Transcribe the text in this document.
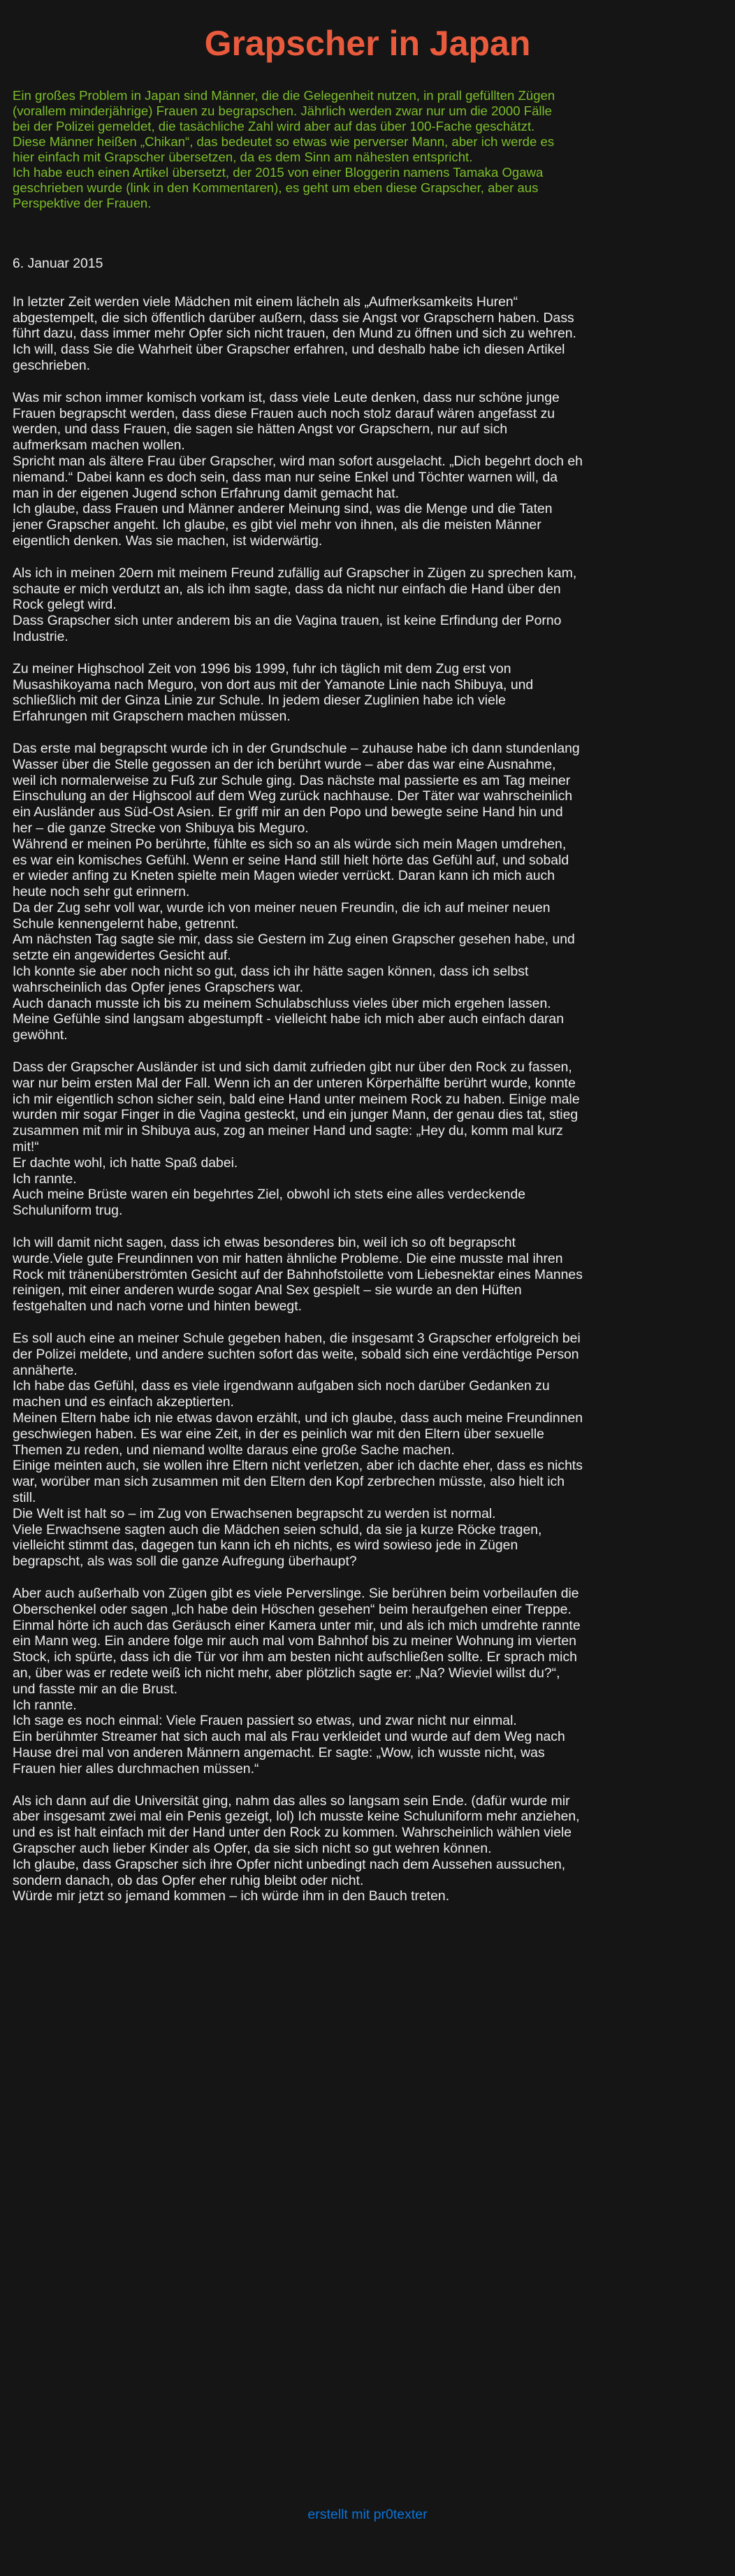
Grapscher in Japan
Ein großes Problem in Japan sind Männer, die die Gelegenheit nutzen, in prall gefüllten Zügen
(vorallem minderjährige) Frauen zu begrapschen. Jährlich werden zwar nur um die 2000 Fälle
bei der Polizei gemeldet, die tasächliche Zahl wird aber auf das über 100-Fache geschätzt.
Diese Männer heißen „Chikan“, das bedeutet so etwas wie perverser Mann, aber ich werde es
hier einfach mit Grapscher übersetzen, da es dem Sinn am nähesten entspricht.
Ich habe euch einen Artikel übersetzt, der 2015 von einer Bloggerin namens Tamaka Ogawa
geschrieben wurde (link in den Kommentaren), es geht um eben diese Grapscher, aber aus
Perspektive der Frauen.
6. Januar 2015
In letzter Zeit werden viele Mädchen mit einem lächeln als „Aufmerksamkeits Huren“
abgestempelt, die sich öffentlich darüber außern, dass sie Angst vor Grapschern haben. Dass
führt dazu, dass immer mehr Opfer sich nicht trauen, den Mund zu öffnen und sich zu wehren.
Ich will, dass Sie die Wahrheit über Grapscher erfahren, und deshalb habe ich diesen Artikel
geschrieben.
Was mir schon immer komisch vorkam ist, dass viele Leute denken, dass nur schöne junge
Frauen begrapscht werden, dass diese Frauen auch noch stolz darauf wären angefasst zu
werden, und dass Frauen, die sagen sie hätten Angst vor Grapschern, nur auf sich
aufmerksam machen wollen.
Spricht man als ältere Frau über Grapscher, wird man sofort ausgelacht. „Dich begehrt doch eh
niemand.“ Dabei kann es doch sein, dass man nur seine Enkel und Töchter warnen will, da
man in der eigenen Jugend schon Erfahrung damit gemacht hat.
Ich glaube, dass Frauen und Männer anderer Meinung sind, was die Menge und die Taten
jener Grapscher angeht. Ich glaube, es gibt viel mehr von ihnen, als die meisten Männer
eigentlich denken. Was sie machen, ist widerwärtig.
Als ich in meinen 20ern mit meinem Freund zufällig auf Grapscher in Zügen zu sprechen kam,
schaute er mich verdutzt an, als ich ihm sagte, dass da nicht nur einfach die Hand über den
Rock gelegt wird.
Dass Grapscher sich unter anderem bis an die Vagina trauen, ist keine Erfindung der Porno
Industrie.
Zu meiner Highschool Zeit von 1996 bis 1999, fuhr ich täglich mit dem Zug erst von
Musashikoyama nach Meguro, von dort aus mit der Yamanote Linie nach Shibuya, und
schließlich mit der Ginza Linie zur Schule. In jedem dieser Zuglinien habe ich viele
Erfahrungen mit Grapschern machen müssen.
Das erste mal begrapscht wurde ich in der Grundschule – zuhause habe ich dann stundenlang
Wasser über die Stelle gegossen an der ich berührt wurde – aber das war eine Ausnahme,
weil ich normalerweise zu Fuß zur Schule ging. Das nächste mal passierte es am Tag meiner
Einschulung an der Highscool auf dem Weg zurück nachhause. Der Täter war wahrscheinlich
ein Ausländer aus Süd-Ost Asien. Er griff mir an den Popo und bewegte seine Hand hin und
her – die ganze Strecke von Shibuya bis Meguro.
Während er meinen Po berührte, fühlte es sich so an als würde sich mein Magen umdrehen,
es war ein komisches Gefühl. Wenn er seine Hand still hielt hörte das Gefühl auf, und sobald
er wieder anfing zu Kneten spielte mein Magen wieder verrückt. Daran kann ich mich auch
heute noch sehr gut erinnern.
Da der Zug sehr voll war, wurde ich von meiner neuen Freundin, die ich auf meiner neuen
Schule kennengelernt habe, getrennt.
Am nächsten Tag sagte sie mir, dass sie Gestern im Zug einen Grapscher gesehen habe, und
setzte ein angewidertes Gesicht auf.
Ich konnte sie aber noch nicht so gut, dass ich ihr hätte sagen können, dass ich selbst
wahrscheinlich das Opfer jenes Grapschers war.
Auch danach musste ich bis zu meinem Schulabschluss vieles über mich ergehen lassen.
Meine Gefühle sind langsam abgestumpft - vielleicht habe ich mich aber auch einfach daran
gewöhnt.
Dass der Grapscher Ausländer ist und sich damit zufrieden gibt nur über den Rock zu fassen,
war nur beim ersten Mal der Fall. Wenn ich an der unteren Körperhälfte berührt wurde, konnte
ich mir eigentlich schon sicher sein, bald eine Hand unter meinem Rock zu haben. Einige male
wurden mir sogar Finger in die Vagina gesteckt, und ein junger Mann, der genau dies tat, stieg
zusammen mit mir in Shibuya aus, zog an meiner Hand und sagte: „Hey du, komm mal kurz
mit!“
Er dachte wohl, ich hatte Spaß dabei.
Ich rannte.
Auch meine Brüste waren ein begehrtes Ziel, obwohl ich stets eine alles verdeckende
Schuluniform trug.
Ich will damit nicht sagen, dass ich etwas besonderes bin, weil ich so oft begrapscht
wurde.Viele gute Freundinnen von mir hatten ähnliche Probleme. Die eine musste mal ihren
Rock mit tränenüberströmten Gesicht auf der Bahnhofstoilette vom Liebesnektar eines Mannes
reinigen, mit einer anderen wurde sogar Anal Sex gespielt – sie wurde an den Hüften
festgehalten und nach vorne und hinten bewegt.
Es soll auch eine an meiner Schule gegeben haben, die insgesamt 3 Grapscher erfolgreich bei
der Polizei meldete, und andere suchten sofort das weite, sobald sich eine verdächtige Person
annäherte.
Ich habe das Gefühl, dass es viele irgendwann aufgaben sich noch darüber Gedanken zu
machen und es einfach akzeptierten.
Meinen Eltern habe ich nie etwas davon erzählt, und ich glaube, dass auch meine Freundinnen
geschwiegen haben. Es war eine Zeit, in der es peinlich war mit den Eltern über sexuelle
Themen zu reden, und niemand wollte daraus eine große Sache machen.
Einige meinten auch, sie wollen ihre Eltern nicht verletzen, aber ich dachte eher, dass es nichts
war, worüber man sich zusammen mit den Eltern den Kopf zerbrechen müsste, also hielt ich
still.
Die Welt ist halt so – im Zug von Erwachsenen begrapscht zu werden ist normal.
Viele Erwachsene sagten auch die Mädchen seien schuld, da sie ja kurze Röcke tragen,
vielleicht stimmt das, dagegen tun kann ich eh nichts, es wird sowieso jede in Zügen
begrapscht, als was soll die ganze Aufregung überhaupt?
Aber auch außerhalb von Zügen gibt es viele Perverslinge. Sie berühren beim vorbeilaufen die
Oberschenkel oder sagen „Ich habe dein Höschen gesehen“ beim heraufgehen einer Treppe.
Einmal hörte ich auch das Geräusch einer Kamera unter mir, und als ich mich umdrehte rannte
ein Mann weg. Ein andere folge mir auch mal vom Bahnhof bis zu meiner Wohnung im vierten
Stock, ich spürte, dass ich die Tür vor ihm am besten nicht aufschließen sollte. Er sprach mich
an, über was er redete weiß ich nicht mehr, aber plötzlich sagte er: „Na? Wieviel willst du?“,
und fasste mir an die Brust.
Ich rannte.
Ich sage es noch einmal: Viele Frauen passiert so etwas, und zwar nicht nur einmal.
Ein berühmter Streamer hat sich auch mal als Frau verkleidet und wurde auf dem Weg nach
Hause drei mal von anderen Männern angemacht. Er sagte: „Wow, ich wusste nicht, was
Frauen hier alles durchmachen müssen.“
Als ich dann auf die Universität ging, nahm das alles so langsam sein Ende. (dafür wurde mir
aber insgesamt zwei mal ein Penis gezeigt, lol) Ich musste keine Schuluniform mehr anziehen,
und es ist halt einfach mit der Hand unter den Rock zu kommen. Wahrscheinlich wählen viele
Grapscher auch lieber Kinder als Opfer, da sie sich nicht so gut wehren können.
Ich glaube, dass Grapscher sich ihre Opfer nicht unbedingt nach dem Aussehen aussuchen,
sondern danach, ob das Opfer eher ruhig bleibt oder nicht.
Würde mir jetzt so jemand kommen – ich würde ihm in den Bauch treten.
erstellt mit pr0texter
